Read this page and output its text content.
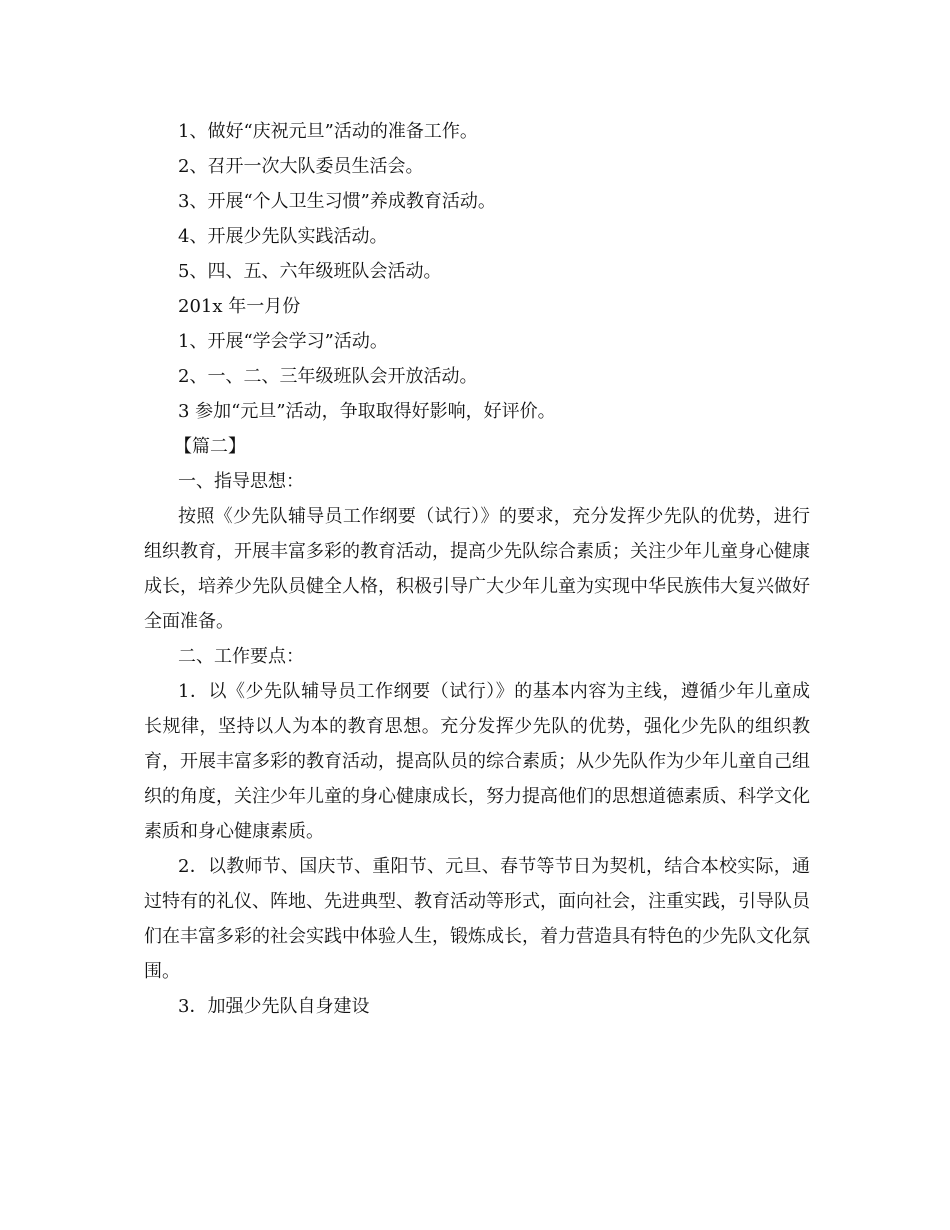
1、做好“庆祝元旦”活动的准备工作。

2、召开一次大队委员生活会。

3、开展“个人卫生习惯”养成教育活动。

4、开展少先队实践活动。

5、四、五、六年级班队会活动。

201x 年一月份

1、开展“学会学习”活动。

2、一、二、三年级班队会开放活动。

3 参加“元旦”活动，争取取得好影响，好评价。

【篇二】

一、指导思想：

按照《少先队辅导员工作纲要（试行）》的要求，充分发挥少先队的优势，进行组织教育，开展丰富多彩的教育活动，提高少先队综合素质；关注少年儿童身心健康成长，培养少先队员健全人格，积极引导广大少年儿童为实现中华民族伟大复兴做好全面准备。

二、工作要点：

1．以《少先队辅导员工作纲要（试行）》的基本内容为主线，遵循少年儿童成长规律，坚持以人为本的教育思想。充分发挥少先队的优势，强化少先队的组织教育，开展丰富多彩的教育活动，提高队员的综合素质；从少先队作为少年儿童自己组织的角度，关注少年儿童的身心健康成长，努力提高他们的思想道德素质、科学文化素质和身心健康素质。

2．以教师节、国庆节、重阳节、元旦、春节等节日为契机，结合本校实际，通过特有的礼仪、阵地、先进典型、教育活动等形式，面向社会，注重实践，引导队员们在丰富多彩的社会实践中体验人生，锻炼成长，着力营造具有特色的少先队文化氛围。

3．加强少先队自身建设
